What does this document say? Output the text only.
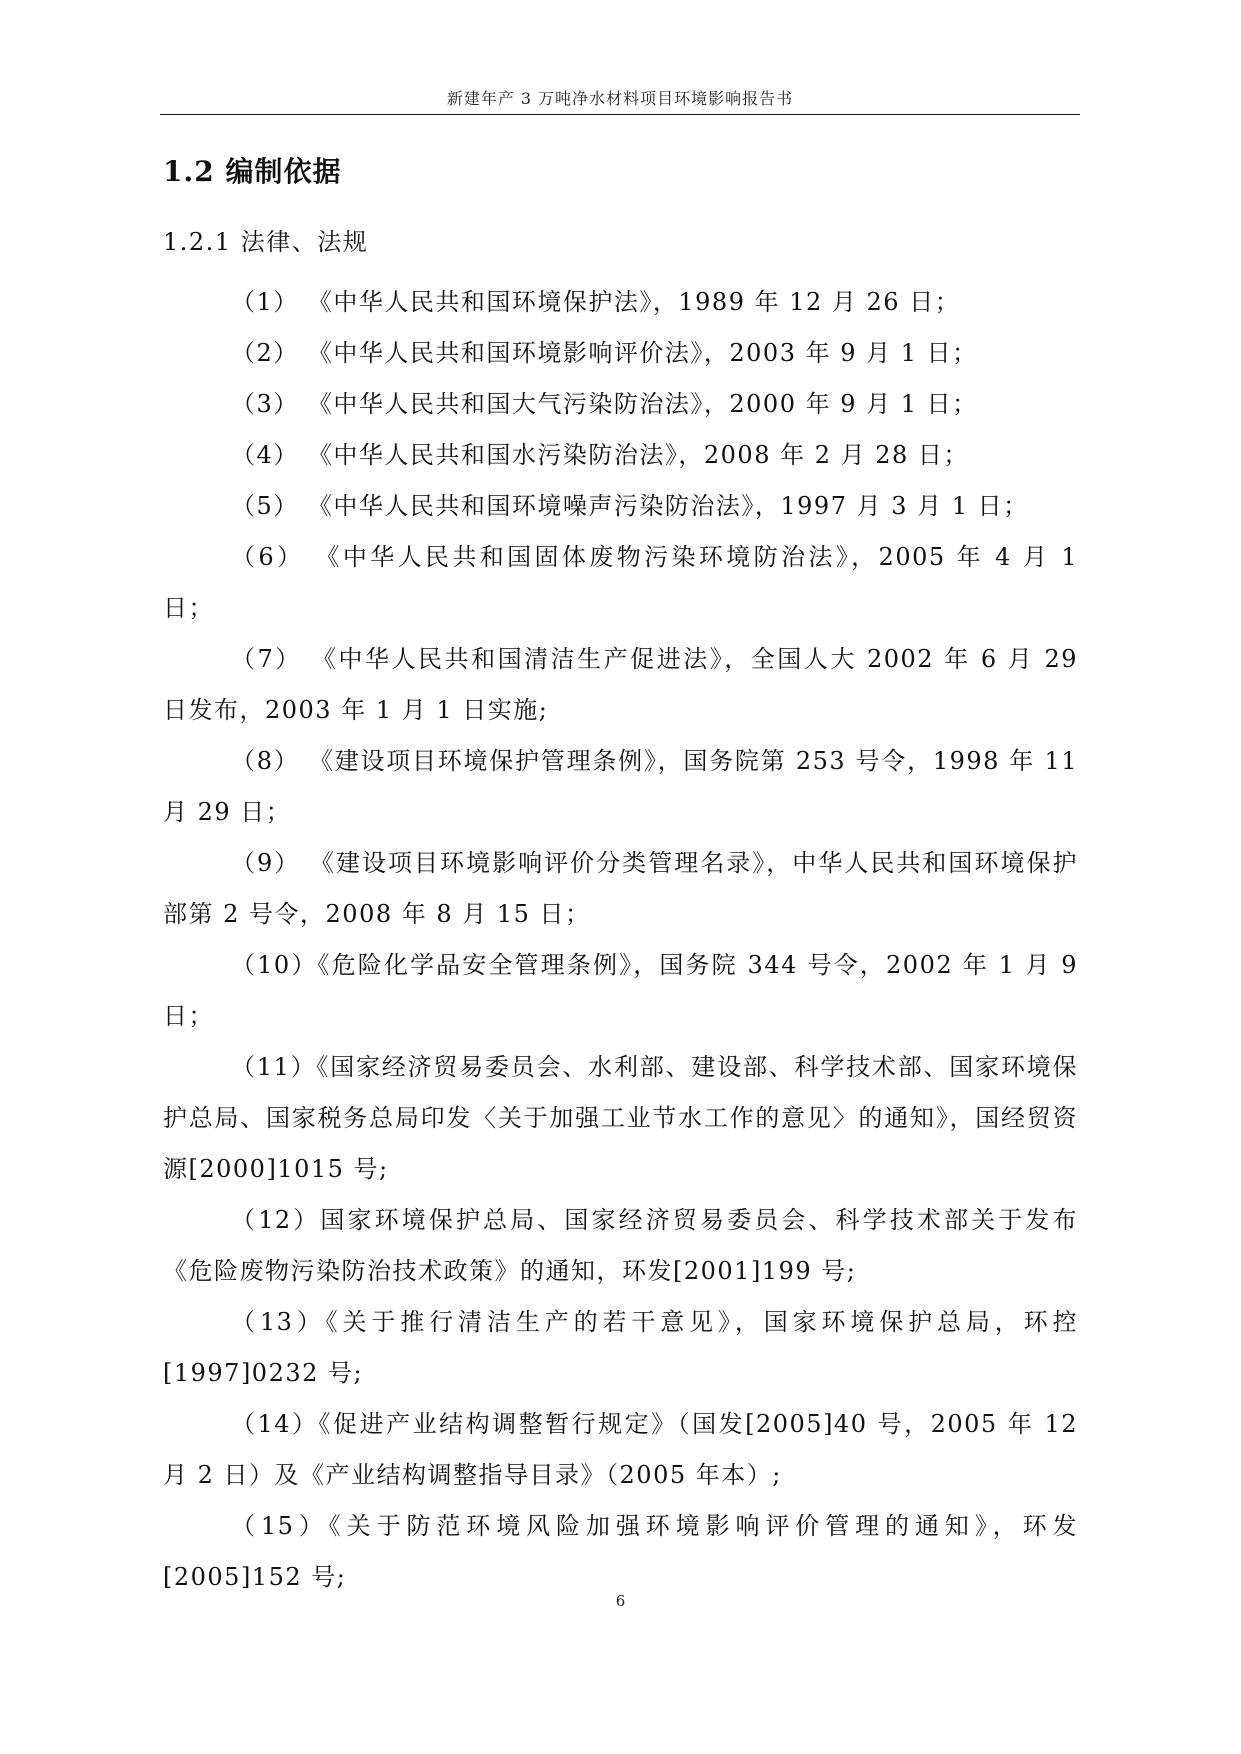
新建年产 3 万吨净水材料项目环境影响报告书
1.2 编制依据
1.2.1 法律、法规

（1） 《中华人民共和国环境保护法》，1989 年 12 月 26 日；

（2） 《中华人民共和国环境影响评价法》，2003 年 9 月 1 日；

（3） 《中华人民共和国大气污染防治法》，2000 年 9 月 1 日；

（4） 《中华人民共和国水污染防治法》，2008 年 2 月 28 日；

（5） 《中华人民共和国环境噪声污染防治法》，1997 月 3 月 1 日；

（6） 《中华人民共和国固体废物污染环境防治法》，2005 年 4 月 1 日；

（7） 《中华人民共和国清洁生产促进法》，全国人大 2002 年 6 月 29 日发布，2003 年 1 月 1 日实施;

（8） 《建设项目环境保护管理条例》，国务院第 253 号令，1998 年 11 月 29 日；

（9） 《建设项目环境影响评价分类管理名录》，中华人民共和国环境保护部第 2 号令，2008 年 8 月 15 日；

（10）《危险化学品安全管理条例》，国务院 344 号令，2002 年 1 月 9 日；

（11）《国家经济贸易委员会、水利部、建设部、科学技术部、国家环境保护总局、国家税务总局印发〈关于加强工业节水工作的意见〉的通知》，国经贸资源[2000]1015 号;

（12）国家环境保护总局、国家经济贸易委员会、科学技术部关于发布《危险废物污染防治技术政策》的通知，环发[2001]199 号;

（13）《关于推行清洁生产的若干意见》，国家环境保护总局，环控[1997]0232 号;

（14）《促进产业结构调整暂行规定》（国发[2005]40 号，2005 年 12 月 2 日）及《产业结构调整指导目录》（2005 年本）;

（15）《关于防范环境风险加强环境影响评价管理的通知》，环发[2005]152 号;

6
